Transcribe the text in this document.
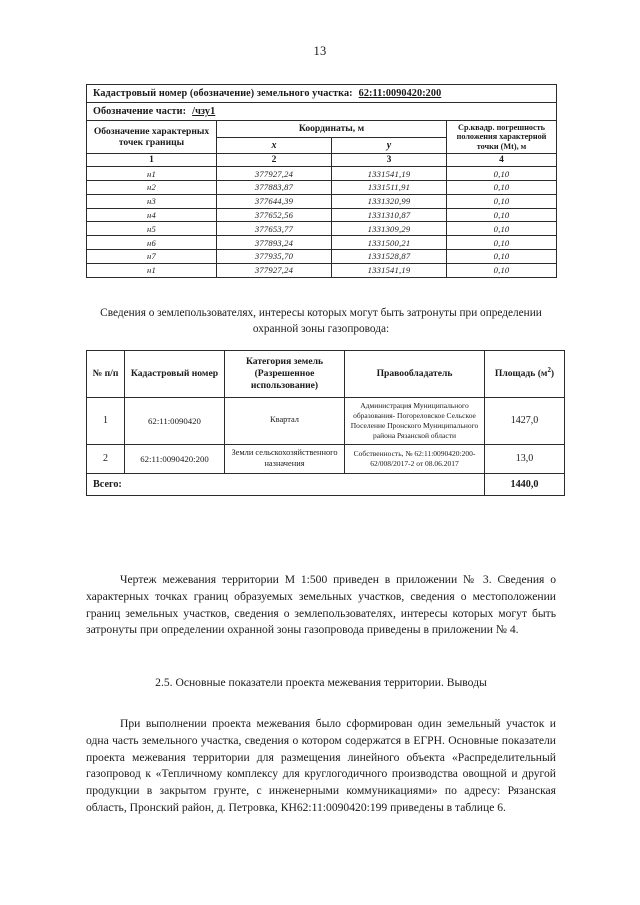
13
Кадастровый номер (обозначение) земельного участка: 62:11:0090420:200			
Обозначение части: /чзу1			
Обозначение характерных точек границы	Координаты, м		Ср.квадр. погрешность положения характерной точки (Мt), м
	x	y	
1	2	3	4
н1	377927,24	1331541,19	0,10
н2	377883,87	1331511,91	0,10
н3	377644,39	1331320,99	0,10
н4	377652,56	1331310,87	0,10
н5	377653,77	1331309,29	0,10
н6	377893,24	1331500,21	0,10
н7	377935,70	1331528,87	0,10
н1	377927,24	1331541,19	0,10
Сведения о землепользователях, интересы которых могут быть затронуты при определении охранной зоны газопровода:
№ п/п	Кадастровый номер	Категория земель (Разрешенное использование)	Правообладатель	Площадь $(м^2)$
1	62:11:0090420	Квартал	Администрация Муниципального образования- Погореловское Сельское Поселение Пронского Муниципального района Рязанской области	1427,0
2	62:11:0090420:200	Земли сельскохозяйственного назначения	Собственность, № 62:11:0090420:200-62/008/2017-2 от 08.06.2017	13,0
Всего:				1440,0

Чертеж межевания территории М 1:500 приведен в приложении № 3. Сведения о характерных точках границ образуемых земельных участков, сведения о местоположении границ земельных участков, сведения о землепользователях, интересы которых могут быть затронуты при определении охранной зоны газопровода приведены в приложении № 4.

2.5. Основные показатели проекта межевания территории. Выводы

При выполнении проекта межевания было сформирован один земельный участок и одна часть земельного участка, сведения о котором содержатся в ЕГРН. Основные показатели проекта межевания территории для размещения линейного объекта «Распределительный газопровод к «Тепличному комплексу для круглогодичного производства овощной и другой продукции в закрытом грунте, с инженерными коммуникациями» по адресу: Рязанская область, Пронский район, д. Петровка, КН62:11:0090420:199 приведены в таблице 6.
